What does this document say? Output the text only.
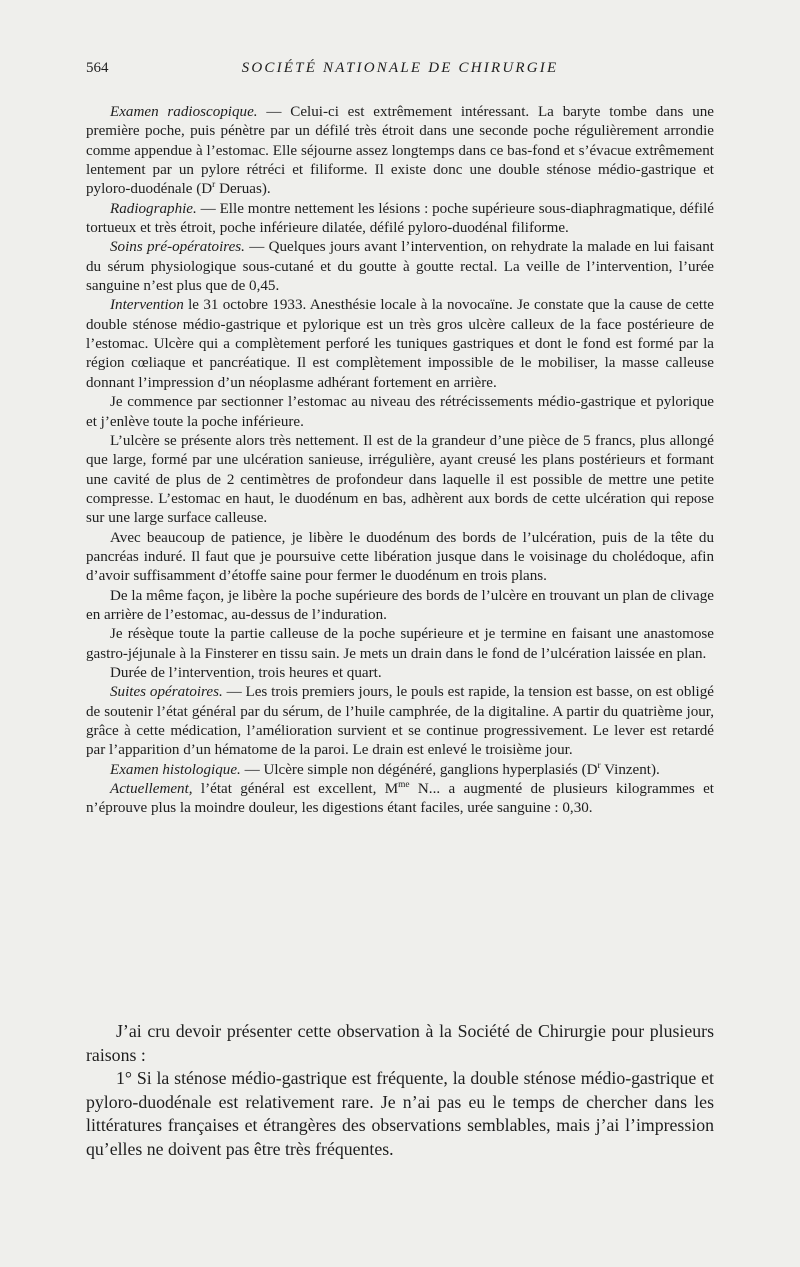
564	SOCIÉTÉ NATIONALE DE CHIRURGIE

Examen radioscopique. — Celui-ci est extrêmement intéressant. La baryte tombe dans une première poche, puis pénètre par un défilé très étroit dans une seconde poche régulièrement arrondie comme appendue à l’estomac. Elle séjourne assez longtemps dans ce bas-fond et s’évacue extrêmement lentement par un pylore rétréci et filiforme. Il existe donc une double sténose médio-gastrique et pyloro-duodénale ($D^r$ Deruas).

Radiographie. — Elle montre nettement les lésions : poche supérieure sous-diaphragmatique, défilé tortueux et très étroit, poche inférieure dilatée, défilé pyloro-duodénal filiforme.

Soins pré-opératoires. — Quelques jours avant l’intervention, on rehydrate la malade en lui faisant du sérum physiologique sous-cutané et du goutte à goutte rectal. La veille de l’intervention, l’urée sanguine n’est plus que de 0,45.

Intervention le 31 octobre 1933. Anesthésie locale à la novocaïne. Je constate que la cause de cette double sténose médio-gastrique et pylorique est un très gros ulcère calleux de la face postérieure de l’estomac. Ulcère qui a complètement perforé les tuniques gastriques et dont le fond est formé par la région cœliaque et pancréatique. Il est complètement impossible de le mobiliser, la masse calleuse donnant l’impression d’un néoplasme adhérant fortement en arrière.

Je commence par sectionner l’estomac au niveau des rétrécissements médio-gastrique et pylorique et j’enlève toute la poche inférieure.

L’ulcère se présente alors très nettement. Il est de la grandeur d’une pièce de 5 francs, plus allongé que large, formé par une ulcération sanieuse, irrégulière, ayant creusé les plans postérieurs et formant une cavité de plus de 2 centimètres de profondeur dans laquelle il est possible de mettre une petite compresse. L’estomac en haut, le duodénum en bas, adhèrent aux bords de cette ulcération qui repose sur une large surface calleuse.

Avec beaucoup de patience, je libère le duodénum des bords de l’ulcération, puis de la tête du pancréas induré. Il faut que je poursuive cette libération jusque dans le voisinage du cholédoque, afin d’avoir suffisamment d’étoffe saine pour fermer le duodénum en trois plans.

De la même façon, je libère la poche supérieure des bords de l’ulcère en trouvant un plan de clivage en arrière de l’estomac, au-dessus de l’induration.

Je résèque toute la partie calleuse de la poche supérieure et je termine en faisant une anastomose gastro-jéjunale à la Finsterer en tissu sain. Je mets un drain dans le fond de l’ulcération laissée en plan.

Durée de l’intervention, trois heures et quart.

Suites opératoires. — Les trois premiers jours, le pouls est rapide, la tension est basse, on est obligé de soutenir l’état général par du sérum, de l’huile camphrée, de la digitaline. A partir du quatrième jour, grâce à cette médication, l’amélioration survient et se continue progressivement. Le lever est retardé par l’apparition d’un hématome de la paroi. Le drain est enlevé le troisième jour.

Examen histologique. — Ulcère simple non dégénéré, ganglions hyperplasiés ($D^r$ Vinzent).

Actuellement, l’état général est excellent, $M^{me}$ N... a augmenté de plusieurs kilogrammes et n’éprouve plus la moindre douleur, les digestions étant faciles, urée sanguine : 0,30.

J’ai cru devoir présenter cette observation à la Société de Chirurgie pour plusieurs raisons :

1° Si la sténose médio-gastrique est fréquente, la double sténose médio-gastrique et pyloro-duodénale est relativement rare. Je n’ai pas eu le temps de chercher dans les littératures françaises et étrangères des observations semblables, mais j’ai l’impression qu’elles ne doivent pas être très fréquentes.
